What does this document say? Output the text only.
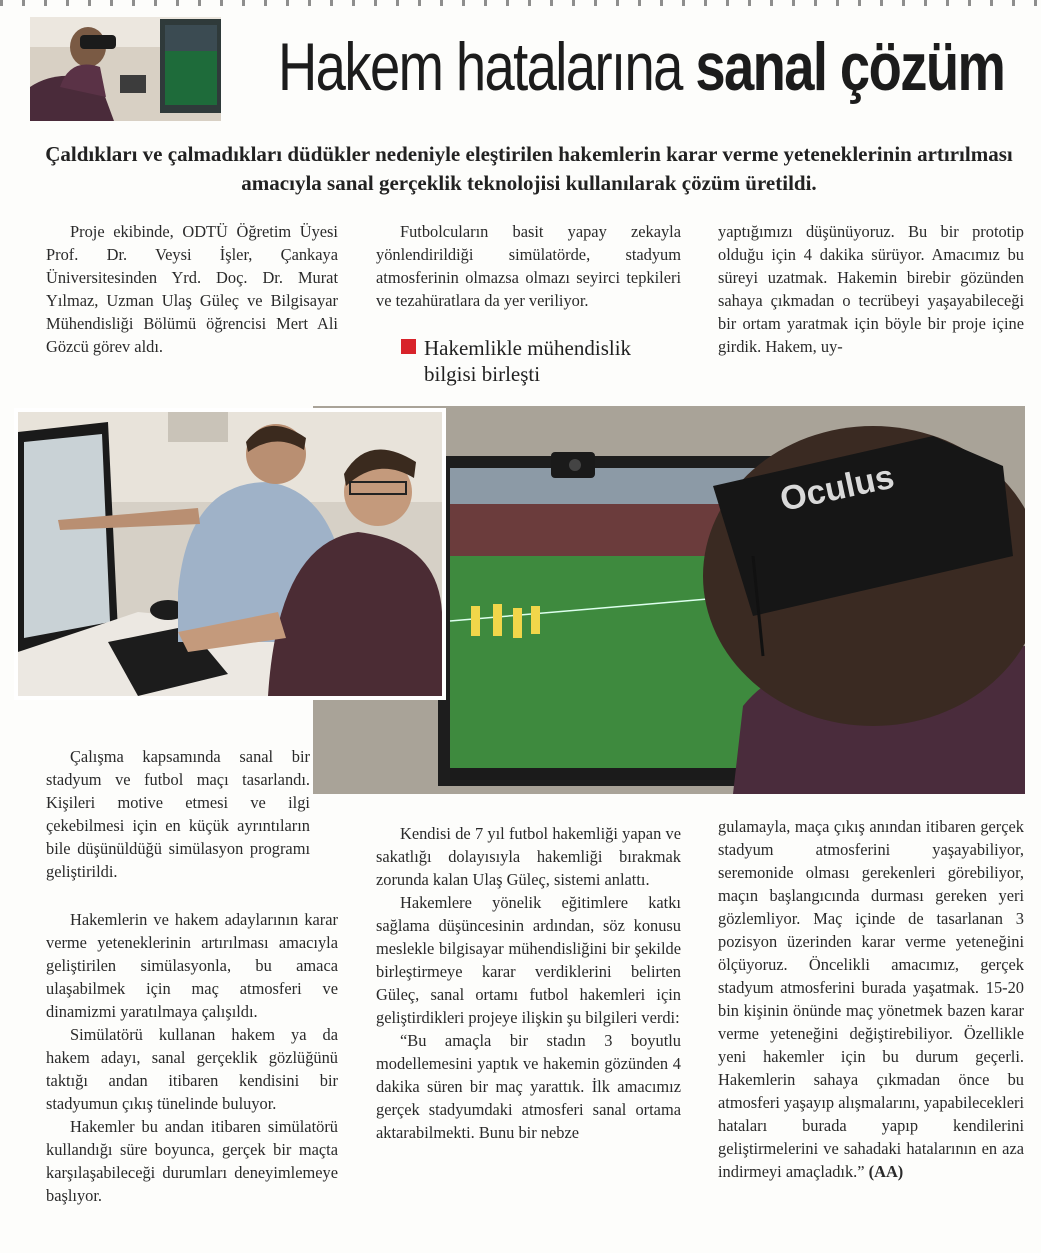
Hakem hatalarına sanal çözüm
Çaldıkları ve çalmadıkları düdükler nedeniyle eleştirilen hakemlerin karar verme yeteneklerinin artırılması amacıyla sanal gerçeklik teknolojisi kullanılarak çözüm üretildi.

Proje ekibinde, ODTÜ Öğretim Üyesi Prof. Dr. Veysi İşler, Çankaya Üniversitesinden Yrd. Doç. Dr. Murat Yılmaz, Uzman Ulaş Güleç ve Bilgisayar Mühendisliği Bölümü öğrencisi Mert Ali Gözcü görev aldı.

Futbolcuların basit yapay zekayla yönlendirildiği simülatörde, stadyum atmosferinin olmazsa olmazı seyirci tepkileri ve tezahüratlara da yer veriliyor.

Hakemlikle mühendislik
bilgisi birleşti

yaptığımızı düşünüyoruz. Bu bir prototip olduğu için 4 dakika sürüyor. Amacımız bu süreyi uzatmak. Hakemin birebir gözünden sahaya çıkmadan o tecrübeyi yaşayabileceği bir ortam yaratmak için böyle bir proje içine girdik. Hakem, uy-

Oculus

Çalışma kapsamında sanal bir stadyum ve futbol maçı tasarlandı. Kişileri motive etmesi ve ilgi çekebilmesi için en küçük ayrıntıların bile düşünüldüğü simülasyon programı geliştirildi.

Hakemlerin ve hakem adaylarının karar verme yeteneklerinin artırılması amacıyla geliştirilen simülasyonla, bu amaca ulaşabilmek için maç atmosferi ve dinamizmi yaratılmaya çalışıldı.

Simülatörü kullanan hakem ya da hakem adayı, sanal gerçeklik gözlüğünü taktığı andan itibaren kendisini bir stadyumun çıkış tünelinde buluyor.

Hakemler bu andan itibaren simülatörü kullandığı süre boyunca, gerçek bir maçta karşılaşabileceği durumları deneyimlemeye başlıyor.

Kendisi de 7 yıl futbol hakemliği yapan ve sakatlığı dolayısıyla hakemliği bırakmak zorunda kalan Ulaş Güleç, sistemi anlattı.

Hakemlere yönelik eğitimlere katkı sağlama düşüncesinin ardından, söz konusu meslekle bilgisayar mühendisliğini bir şekilde birleştirmeye karar verdiklerini belirten Güleç, sanal ortamı futbol hakemleri için geliştirdikleri projeye ilişkin şu bilgileri verdi:

“Bu amaçla bir stadın 3 boyutlu modellemesini yaptık ve hakemin gözünden 4 dakika süren bir maç yarattık. İlk amacımız gerçek stadyumdaki atmosferi sanal ortama aktarabilmekti. Bunu bir nebze

gulamayla, maça çıkış anından itibaren gerçek stadyum atmosferini yaşayabiliyor, seremonide olması gerekenleri görebiliyor, maçın başlangıcında durması gereken yeri gözlemliyor. Maç içinde de tasarlanan 3 pozisyon üzerinden karar verme yeteneğini ölçüyoruz. Öncelikli amacımız, gerçek stadyum atmosferini burada yaşatmak. 15-20 bin kişinin önünde maç yönetmek bazen karar verme yeteneğini değiştirebiliyor. Özellikle yeni hakemler için bu durum geçerli. Hakemlerin sahaya çıkmadan önce bu atmosferi yaşayıp alışmalarını, yapabilecekleri hataları burada yapıp kendilerini geliştirmelerini ve sahadaki hatalarının en aza indirmeyi amaçladık.” (AA)
